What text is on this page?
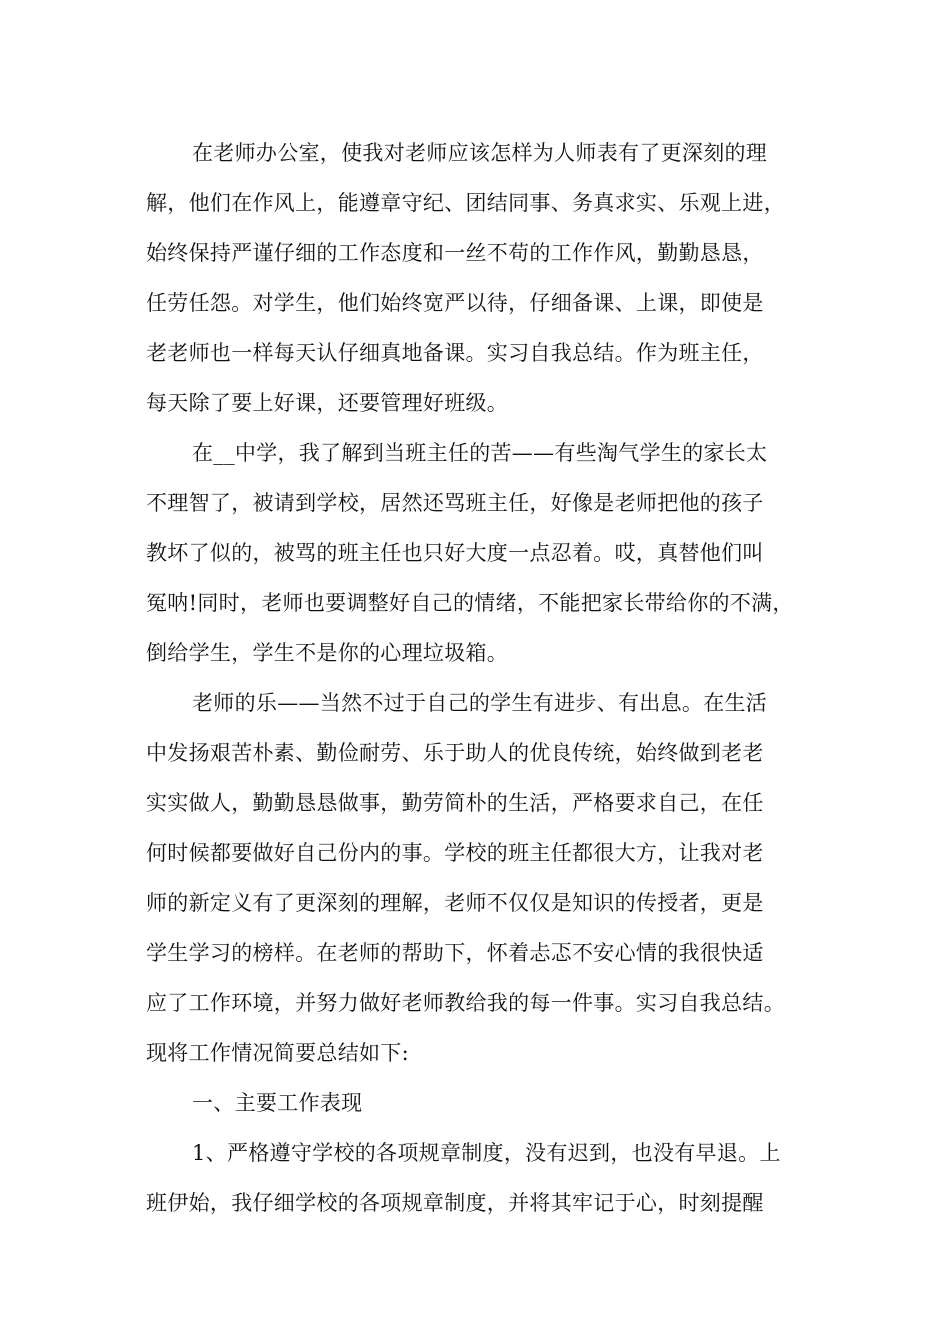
在老师办公室，使我对老师应该怎样为人师表有了更深刻的理
解，他们在作风上，能遵章守纪、团结同事、务真求实、乐观上进，
始终保持严谨仔细的工作态度和一丝不苟的工作作风，勤勤恳恳，
任劳任怨。对学生，他们始终宽严以待，仔细备课、上课，即使是
老老师也一样每天认仔细真地备课。实习自我总结。作为班主任，
每天除了要上好课，还要管理好班级。
在__中学，我了解到当班主任的苦——有些淘气学生的家长太
不理智了，被请到学校，居然还骂班主任，好像是老师把他的孩子
教坏了似的，被骂的班主任也只好大度一点忍着。哎，真替他们叫
冤呐!同时，老师也要调整好自己的情绪，不能把家长带给你的不满，
倒给学生，学生不是你的心理垃圾箱。
老师的乐——当然不过于自己的学生有进步、有出息。在生活
中发扬艰苦朴素、勤俭耐劳、乐于助人的优良传统，始终做到老老
实实做人，勤勤恳恳做事，勤劳简朴的生活，严格要求自己，在任
何时候都要做好自己份内的事。学校的班主任都很大方，让我对老
师的新定义有了更深刻的理解，老师不仅仅是知识的传授者，更是
学生学习的榜样。在老师的帮助下，怀着忐忑不安心情的我很快适
应了工作环境，并努力做好老师教给我的每一件事。实习自我总结。
现将工作情况简要总结如下:
一、主要工作表现
1、严格遵守学校的各项规章制度，没有迟到，也没有早退。上
班伊始，我仔细学校的各项规章制度，并将其牢记于心，时刻提醒
